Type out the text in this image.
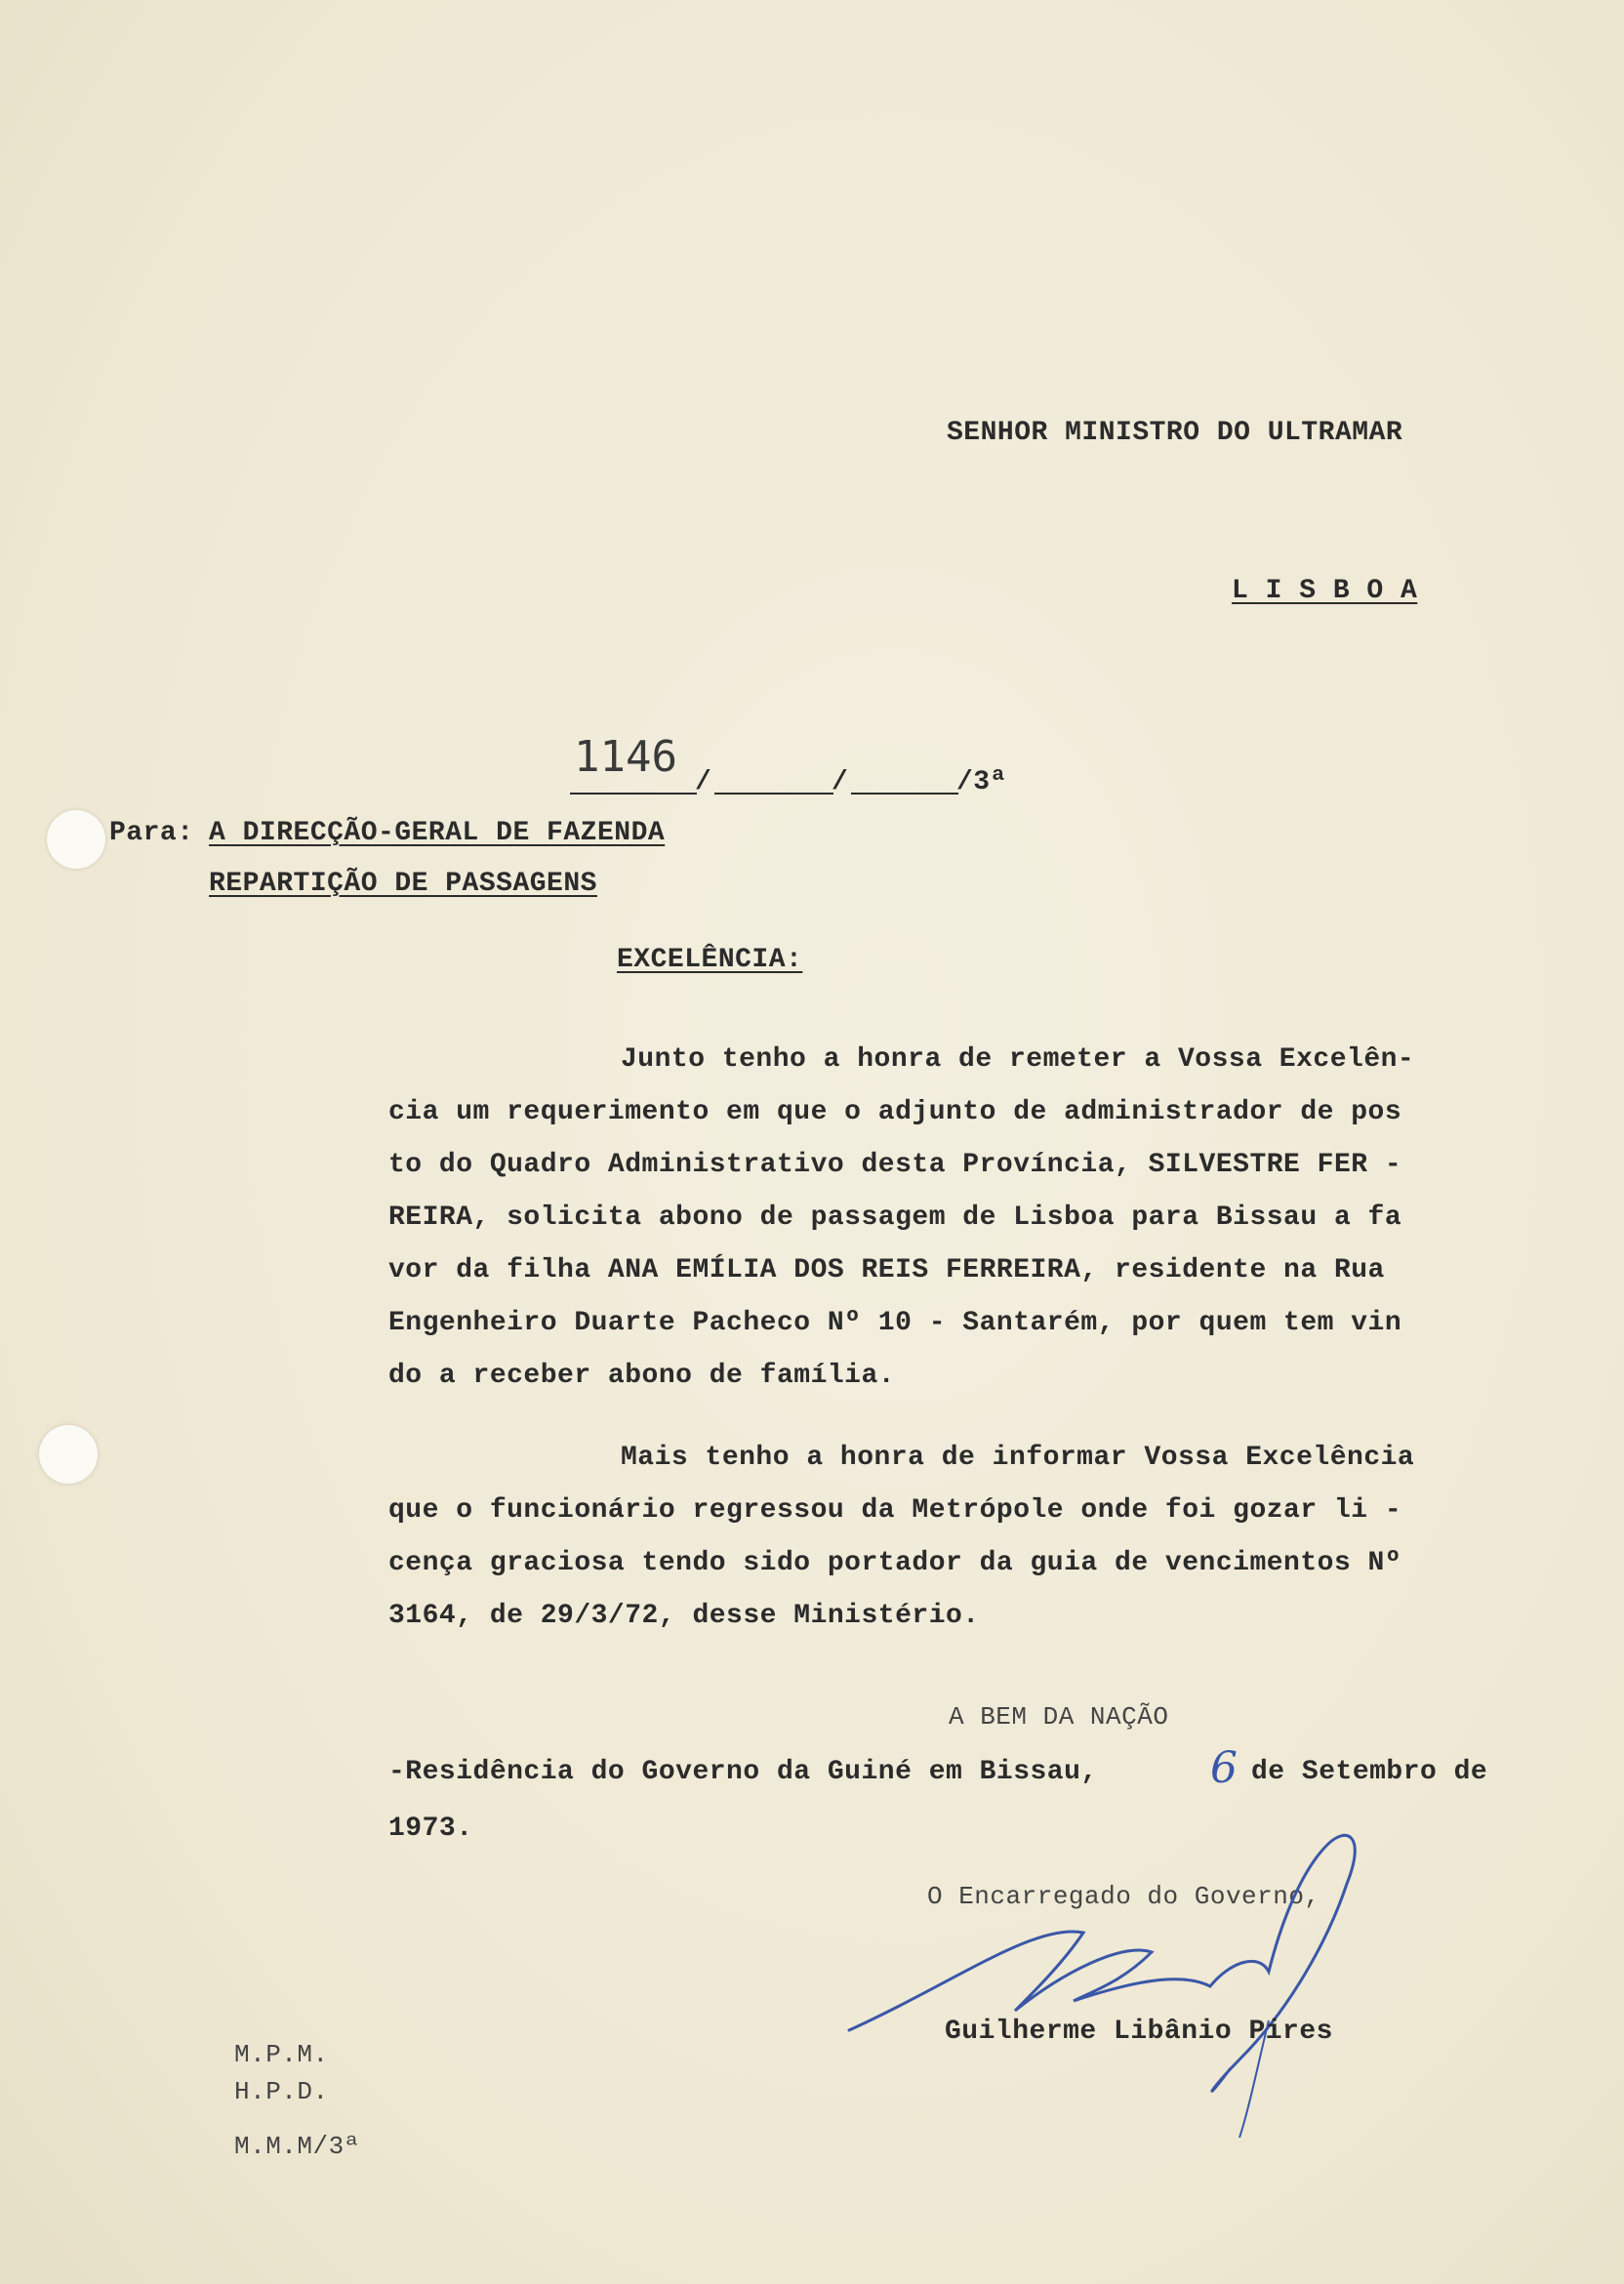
SENHOR MINISTRO DO ULTRAMAR
L I S B O A
1146
/	/	/3ª
Para: A DIRECÇÃO-GERAL DE FAZENDA
REPARTIÇÃO DE PASSAGENS
EXCELÊNCIA:
Junto tenho a honra de remeter a Vossa Excelên-
cia um requerimento em que o adjunto de administrador de pos
to do Quadro Administrativo desta Província, SILVESTRE FER -
REIRA, solicita abono de passagem de Lisboa para Bissau a fa
vor da filha ANA EMÍLIA DOS REIS FERREIRA, residente na Rua
Engenheiro Duarte Pacheco Nº 10 - Santarém, por quem tem vin
do a receber abono de família.
Mais tenho a honra de informar Vossa Excelência
que o funcionário regressou da Metrópole onde foi gozar li -
cença graciosa tendo sido portador da guia de vencimentos Nº
3164, de 29/3/72, desse Ministério.
A BEM DA NAÇÃO
-Residência do Governo da Guiné em Bissau,	6 de Setembro de
1973.
O Encarregado do Governo,
Guilherme Libânio Pires
M.P.M.
H.P.D.
M.M.M/3ª
